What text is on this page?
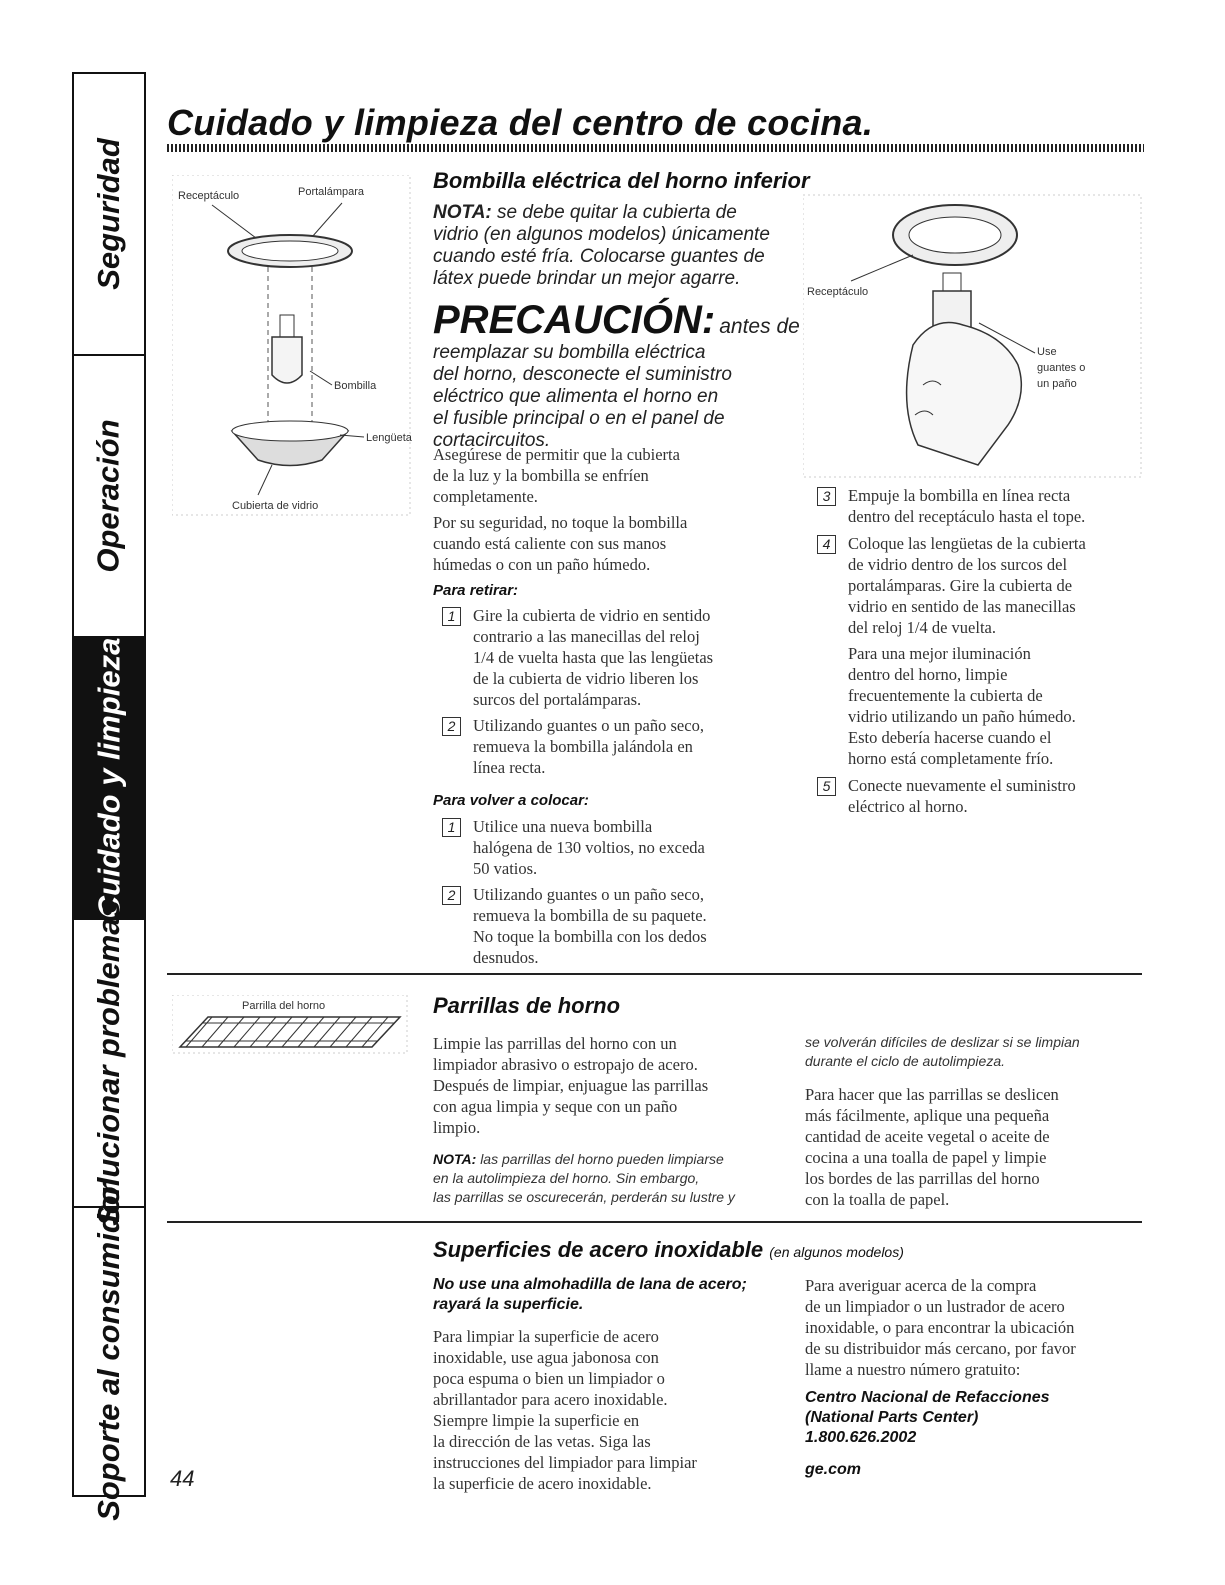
Seguridad
Operación
Cuidado y limpieza
Solucionar problemas
Soporte al consumidor
Cuidado y limpieza del centro de cocina.
Receptáculo	Portalámpara
Bombilla
Lengüeta
Cubierta de vidrio
Bombilla eléctrica del horno inferior
NOTA: se debe quitar la cubierta de
vidrio (en algunos modelos) únicamente
cuando esté fría. Colocarse guantes de
látex puede brindar un mejor agarre.
PRECAUCIÓN: antes de
reemplazar su bombilla eléctrica
del horno, desconecte el suministro
eléctrico que alimenta el horno en
el fusible principal o en el panel de
cortacircuitos.

Asegúrese de permitir que la cubierta
de la luz y la bombilla se enfríen
completamente.

Por su seguridad, no toque la bombilla
cuando está caliente con sus manos
húmedas o con un paño húmedo.

Para retirar:

1	Gire la cubierta de vidrio en sentido
contrario a las manecillas del reloj
1/4 de vuelta hasta que las lengüetas
de la cubierta de vidrio liberen los
surcos del portalámparas.
2	Utilizando guantes o un paño seco,
remueva la bombilla jalándola en
línea recta.

Para volver a colocar:

1	Utilice una nueva bombilla
halógena de 130 voltios, no exceda
50 vatios.
2	Utilizando guantes o un paño seco,
remueva la bombilla de su paquete.
No toque la bombilla con los dedos
desnudos.
Receptáculo
Use
guantes o
un paño
3	Empuje la bombilla en línea recta
dentro del receptáculo hasta el tope.
4	Coloque las lengüetas de la cubierta
de vidrio dentro de los surcos del
portalámparas. Gire la cubierta de
vidrio en sentido de las manecillas
del reloj 1/4 de vuelta.

Para una mejor iluminación
dentro del horno, limpie
frecuentemente la cubierta de
vidrio utilizando un paño húmedo.
Esto debería hacerse cuando el
horno está completamente frío.

5	Conecte nuevamente el suministro
eléctrico al horno.
Parrilla del horno	Parrillas de horno

Limpie las parrillas del horno con un
limpiador abrasivo o estropajo de acero.
Después de limpiar, enjuague las parrillas
con agua limpia y seque con un paño
limpio.

NOTA: las parrillas del horno pueden limpiarse
en la autolimpieza del horno. Sin embargo,
las parrillas se oscurecerán, perderán su lustre y

se volverán difíciles de deslizar si se limpian
durante el ciclo de autolimpieza.

Para hacer que las parrillas se deslicen
más fácilmente, aplique una pequeña
cantidad de aceite vegetal o aceite de
cocina a una toalla de papel y limpie
los bordes de las parrillas del horno
con la toalla de papel.

Superficies de acero inoxidable (en algunos modelos)

No use una almohadilla de lana de acero;
rayará la superficie.

Para limpiar la superficie de acero
inoxidable, use agua jabonosa con
poca espuma o bien un limpiador o
abrillantador para acero inoxidable.
Siempre limpie la superficie en
la dirección de las vetas. Siga las
instrucciones del limpiador para limpiar
la superficie de acero inoxidable.

Para averiguar acerca de la compra
de un limpiador o un lustrador de acero
inoxidable, o para encontrar la ubicación
de su distribuidor más cercano, por favor
llame a nuestro número gratuito:

Centro Nacional de Refacciones
(National Parts Center)
1.800.626.2002

ge.com

44
